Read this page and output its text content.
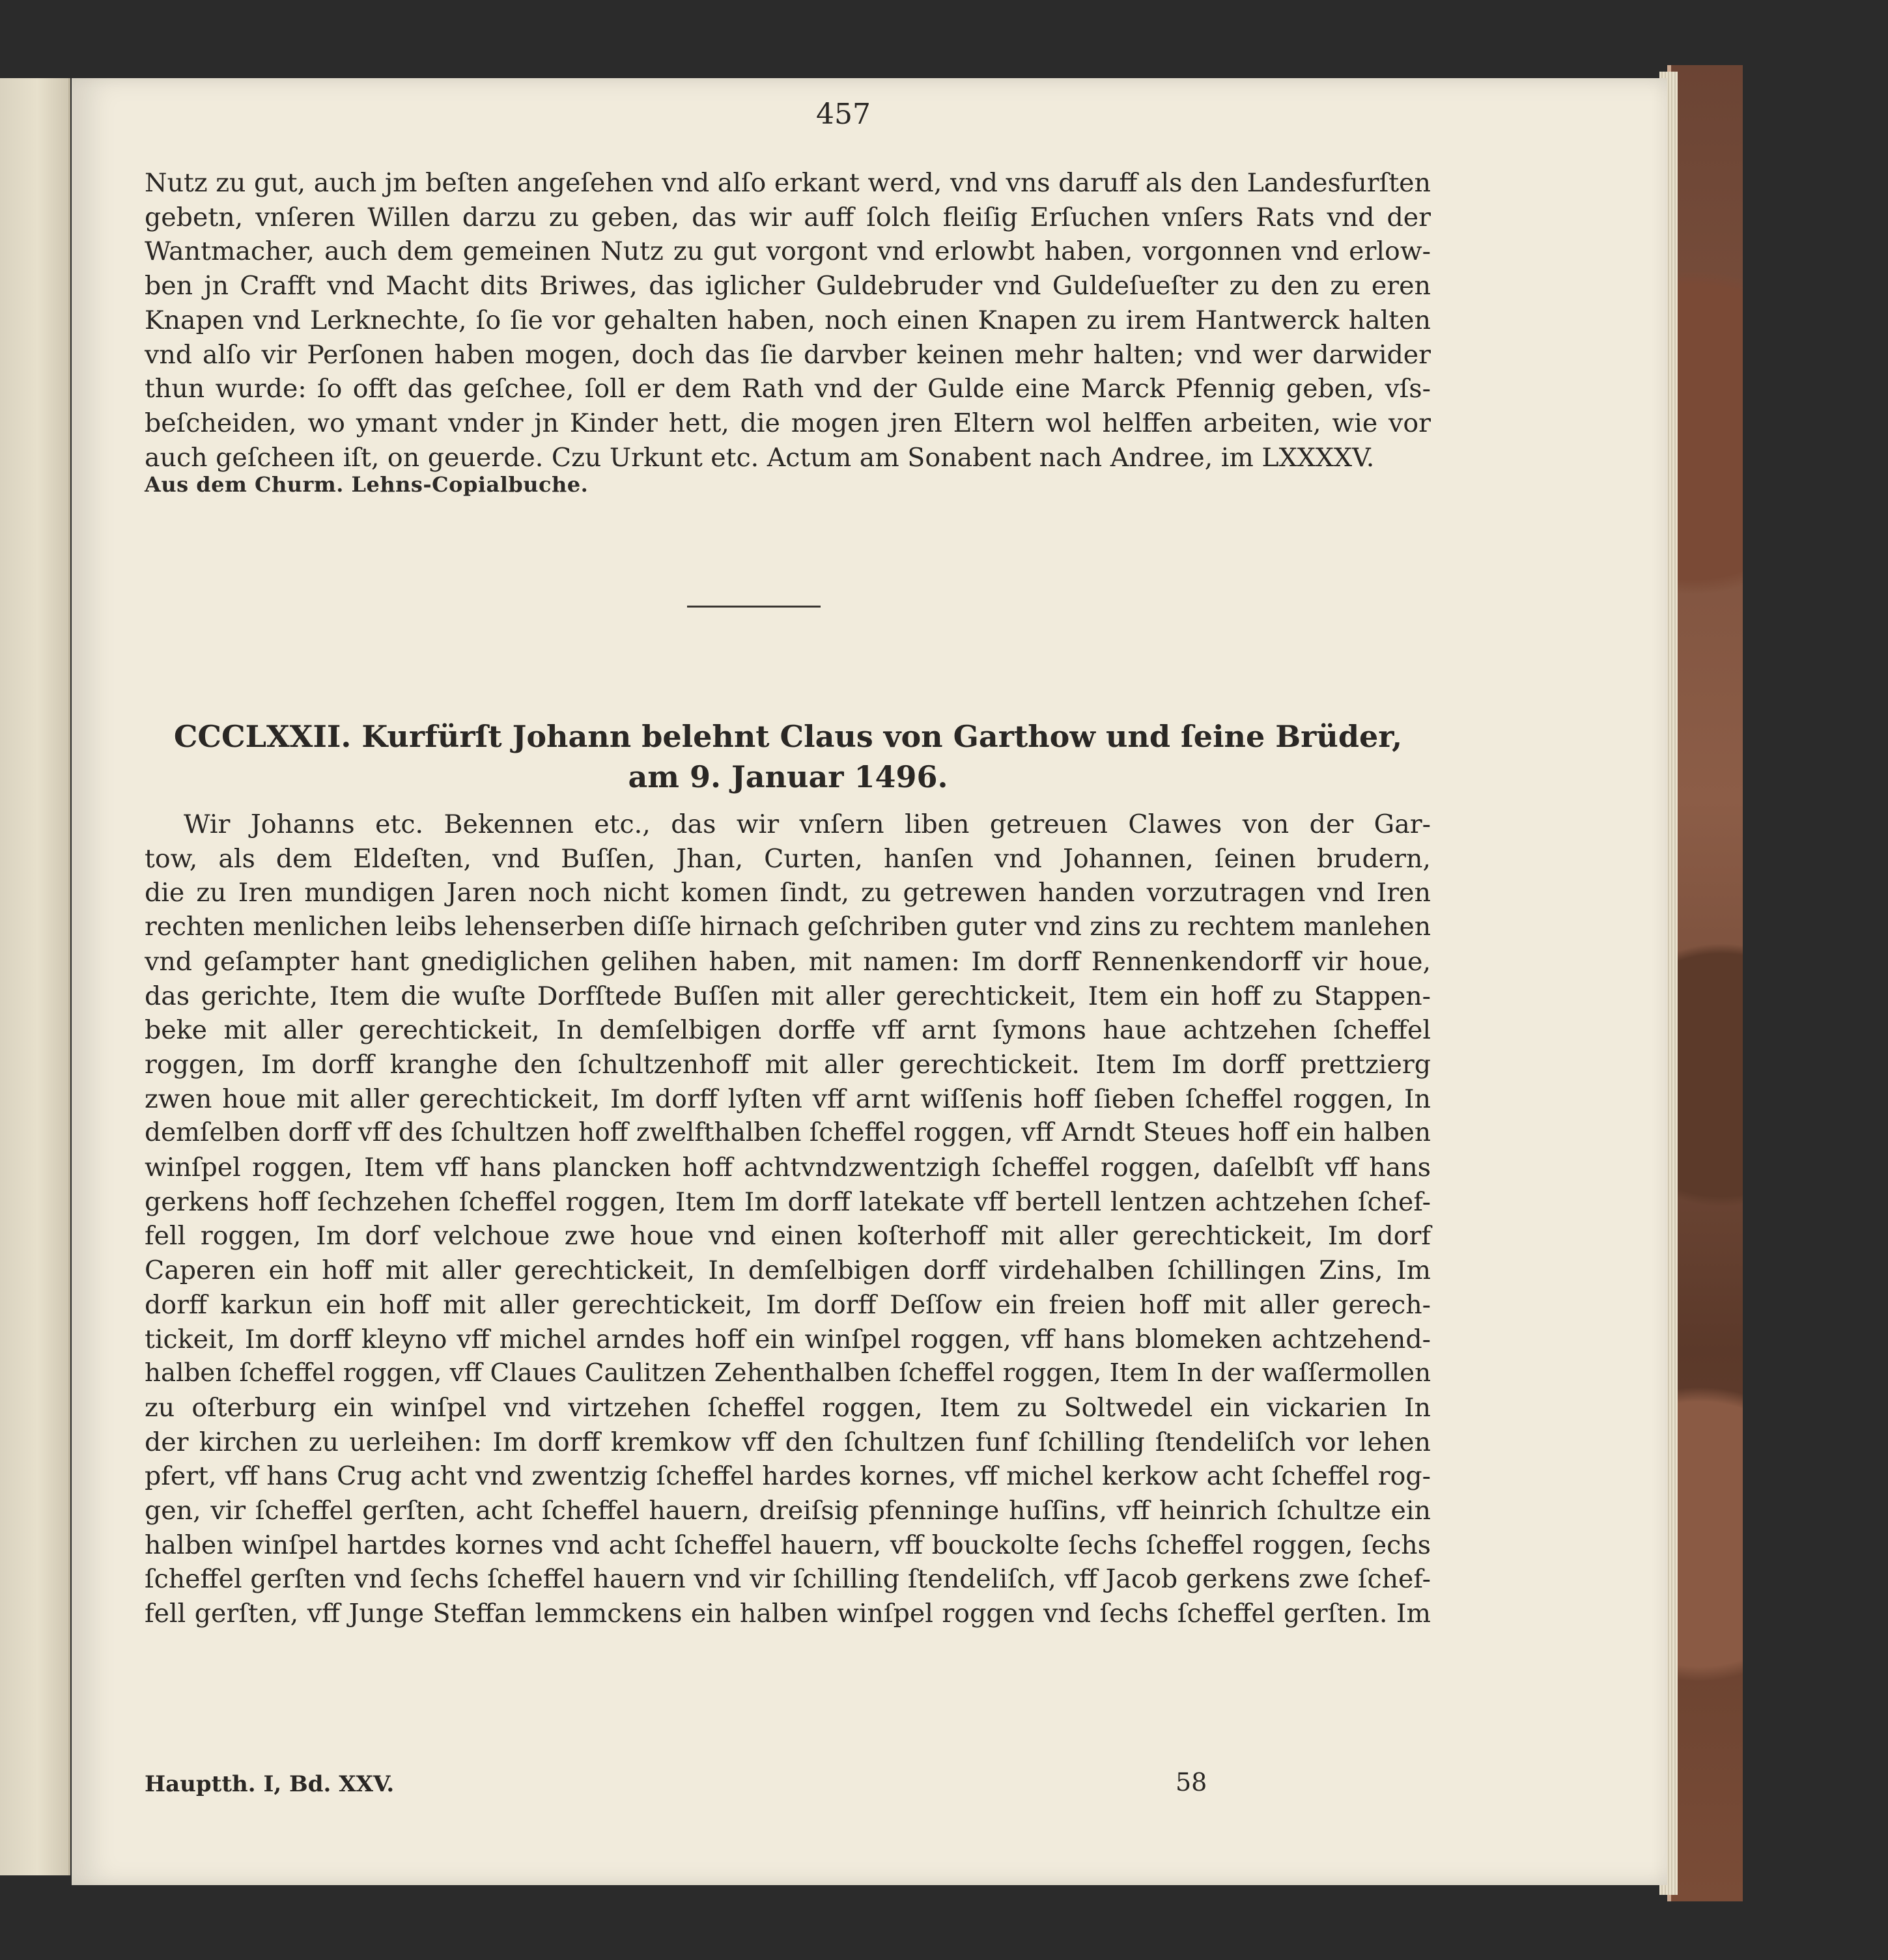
457
Nutz zu gut, auch jm beſten angeſehen vnd alſo erkant werd, vnd vns daruff als den Landesfurſten
gebetn, vnſeren Willen darzu zu geben, das wir auff ſolch fleiſig Erſuchen vnſers Rats vnd der
Wantmacher, auch dem gemeinen Nutz zu gut vorgont vnd erlowbt haben, vorgonnen vnd erlow-
ben jn Crafft vnd Macht dits Briwes, das iglicher Guldebruder vnd Guldeſueſter zu den zu eren
Knapen vnd Lerknechte, ſo ſie vor gehalten haben, noch einen Knapen zu irem Hantwerck halten
vnd alſo vir Perſonen haben mogen, doch das ſie darvber keinen mehr halten; vnd wer darwider
thun wurde: ſo offt das geſchee, ſoll er dem Rath vnd der Gulde eine Marck Pfennig geben, vſs-
beſcheiden, wo ymant vnder jn Kinder hett, die mogen jren Eltern wol helffen arbeiten, wie vor
auch geſcheen iſt, on geuerde. Czu Urkunt etc. Actum am Sonabent nach Andree, im LXXXXV.
Aus dem Churm. Lehns-Copialbuche.
CCCLXXII. Kurfürſt Johann belehnt Claus von Garthow und ſeine Brüder,
am 9. Januar 1496.
Wir Johanns etc. Bekennen etc., das wir vnſern liben getreuen Clawes von der Gar-
tow, als dem Eldeſten, vnd Buſſen, Jhan, Curten, hanſen vnd Johannen, ſeinen brudern,
die zu Iren mundigen Jaren noch nicht komen ſindt, zu getrewen handen vorzutragen vnd Iren
rechten menlichen leibs lehenserben diſſe hirnach geſchriben guter vnd zins zu rechtem manlehen
vnd geſampter hant gnediglichen gelihen haben, mit namen: Im dorff Rennenkendorff vir houe,
das gerichte, Item die wuſte Dorfſtede Buſſen mit aller gerechtickeit, Item ein hoff zu Stappen-
beke mit aller gerechtickeit, In demſelbigen dorffe vff arnt ſymons haue achtzehen ſcheffel
roggen, Im dorff kranghe den ſchultzenhoff mit aller gerechtickeit. Item Im dorff prettzierg
zwen houe mit aller gerechtickeit, Im dorff lyſten vff arnt wiſſenis hoff ſieben ſcheffel roggen, In
demſelben dorff vff des ſchultzen hoff zwelfthalben ſcheffel roggen, vff Arndt Steues hoff ein halben
winſpel roggen, Item vff hans plancken hoff achtvndzwentzigh ſcheffel roggen, daſelbſt vff hans
gerkens hoff ſechzehen ſcheffel roggen, Item Im dorff latekate vff bertell lentzen achtzehen ſchef-
fell roggen, Im dorf velchoue zwe houe vnd einen koſterhoff mit aller gerechtickeit, Im dorf
Caperen ein hoff mit aller gerechtickeit, In demſelbigen dorff virdehalben ſchillingen Zins, Im
dorff karkun ein hoff mit aller gerechtickeit, Im dorff Deſſow ein freien hoff mit aller gerech-
tickeit, Im dorff kleyno vff michel arndes hoff ein winſpel roggen, vff hans blomeken achtzehend-
halben ſcheffel roggen, vff Claues Caulitzen Zehenthalben ſcheffel roggen, Item In der waſſermollen
zu oſterburg ein winſpel vnd virtzehen ſcheffel roggen, Item zu Soltwedel ein vickarien In
der kirchen zu uerleihen: Im dorff kremkow vff den ſchultzen funf ſchilling ſtendeliſch vor lehen
pfert, vff hans Crug acht vnd zwentzig ſcheffel hardes kornes, vff michel kerkow acht ſcheffel rog-
gen, vir ſcheffel gerſten, acht ſcheffel hauern, dreiſsig pfenninge huſſins, vff heinrich ſchultze ein
halben winſpel hartdes kornes vnd acht ſcheffel hauern, vff bouckolte ſechs ſcheffel roggen, ſechs
ſcheffel gerſten vnd ſechs ſcheffel hauern vnd vir ſchilling ſtendeliſch, vff Jacob gerkens zwe ſchef-
fell gerſten, vff Junge Steffan lemmckens ein halben winſpel roggen vnd ſechs ſcheffel gerſten. Im
Hauptth. I, Bd. XXV.	58
